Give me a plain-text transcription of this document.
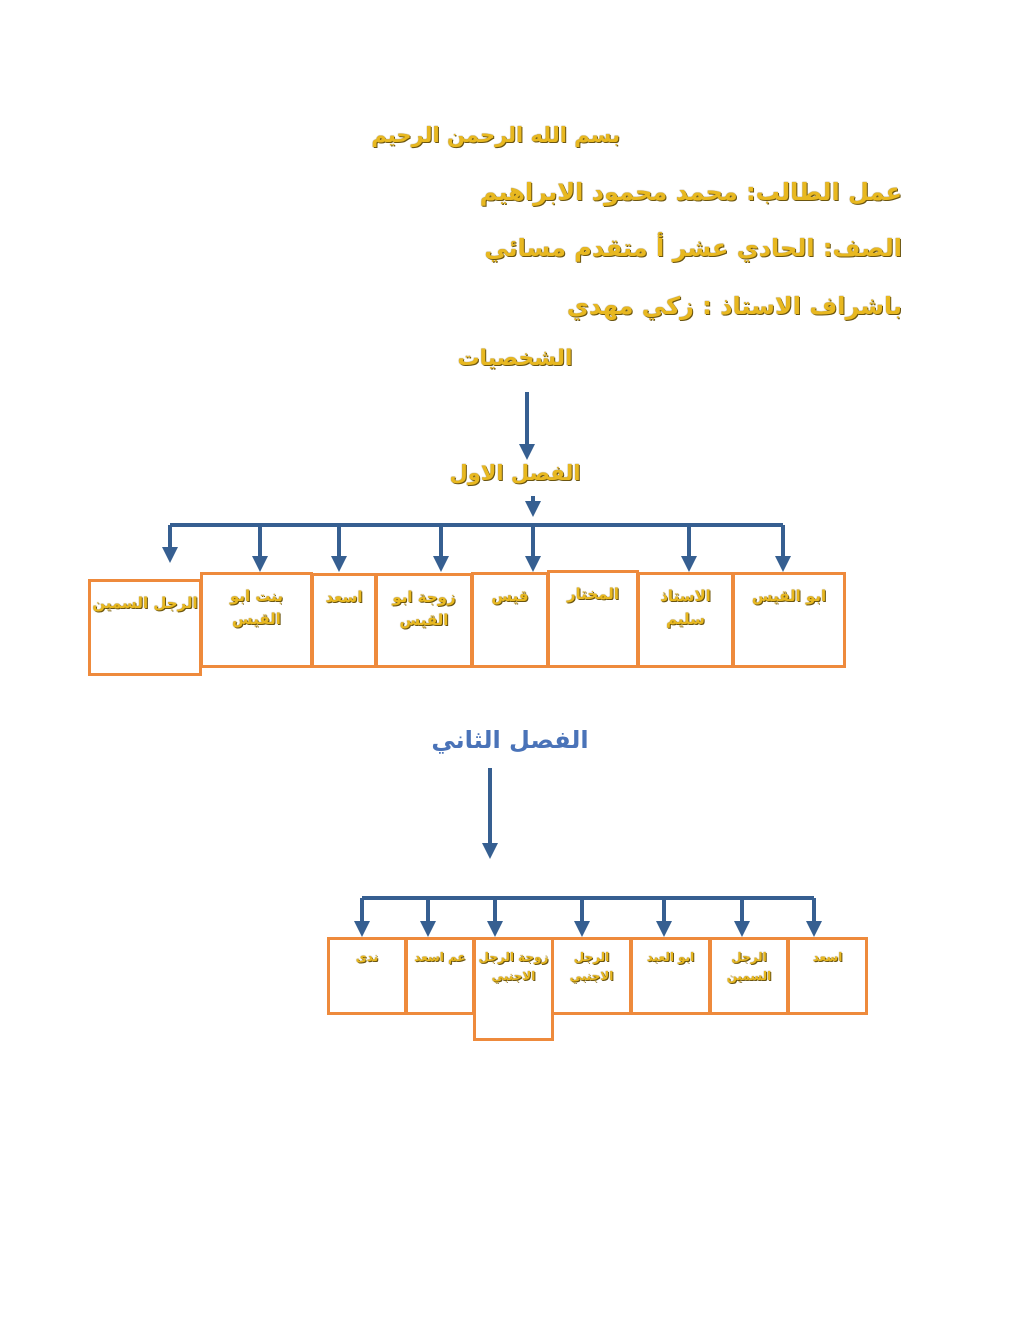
بسم الله الرحمن الرحيم
عمل الطالب: محمد محمود الابراهيم
الصف: الحادي عشر أ متقدم مسائي
باشراف الاستاذ : زكي مهدي
الشخصيات
الفصل الاول
الفصل الثاني
ابو القيس
الاستاذ سليم
المختار
قيس
زوجة ابو القيس
اسعد
بنت ابو القيس
الرجل السمين
اسعد
الرجل السمين
ابو العبد
الرجل الاجنبي
زوجة الرجل الاجنبي
عم اسعد
ندى
